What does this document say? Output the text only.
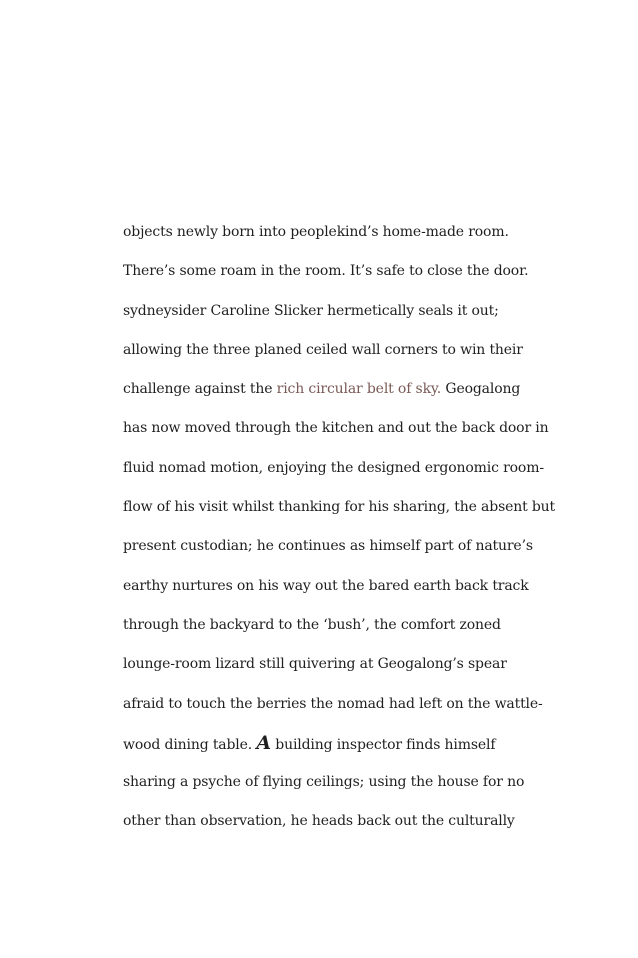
objects newly born into peoplekind’s home-made room.
There’s some roam in the room. It’s safe to close the door.
sydneysider Caroline Slicker hermetically seals it out;
allowing the three planed ceiled wall corners to win their
challenge against the rich circular belt of sky. Geogalong
has now moved through the kitchen and out the back door in
fluid nomad motion, enjoying the designed ergonomic room-
flow of his visit whilst thanking for his sharing, the absent but
present custodian; he continues as himself part of nature’s
earthy nurtures on his way out the bared earth back track
through the backyard to the ‘bush’, the comfort zoned
lounge-room lizard still quivering at Geogalong’s spear
afraid to touch the berries the nomad had left on the wattle-
wood dining table. A building inspector finds himself
sharing a psyche of flying ceilings; using the house for no
other than observation, he heads back out the culturally
